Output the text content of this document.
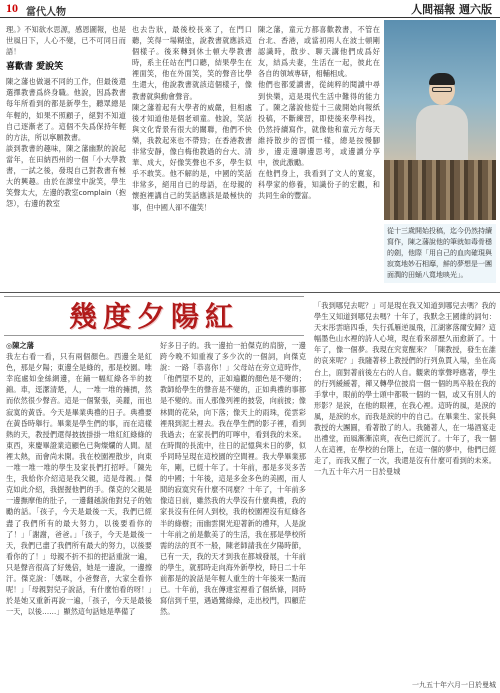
10 當代人物	人間福報 週六版

理。》不知欲水思源，感恩圖報，也是世風日下，人心不變，已不可同日而語！

喜歡書 愛說笑

陳之藩也做過不同的工作，但最後還選擇教書爲終身職。他說，因爲教書每年所看到的都是新學生，聽眾總是年輕的，如果不照顧子，絕對不知道自己逐漸老了。這個不失爲保持年輕的方法，所以寧願教書。

談到教書的趣味，陳之藩幽默的說起當年，在田納西州的一個「小大學教書，一試之後，發現自己對教書有極大的興趣。由於在課堂中說笑，學生笑聲太大，左邊的教室complain（抱怨），右邊的教室

也去告狀，最後校長來了，在門口聽，笑得一場糊塗，說教書就應該這個樣子。後來轉到休士頓大學教書時，系主任站在門口聽，結果學生在裡面笑，他在外面笑，笑的聲音比學生還大，他說教書就該這個樣子，像教書就與動會聲音。

陳之藩着起有大學者的威嚴，但相處後才知道他是個老頑童。他說，笑話與文化背景有很大的關聯，他們不快樂，我教起來也不帶勁；在香港教書非常安靜，像白梅他教過的台大、清華、成大，好像笑聲也不多，學生似乎不敢笑。他不解的是，中國的笑話非常多，絕用自已的母語，在母親的懷抱裡講自己的笑話應該是最極快的事，但中國人卻不儘笑！

陳之藩，童元方都喜歡教書，不管在台北、香港，或當初兩人在波士頓剛認識時，散步、聊天講他們成爲好友，結爲夫妻，生活在一起，彼此在各自的領域專研，相輔相成。

他們也都愛讀書，從純粹的閱讀中尋到快樂，這是現代生活中難得的能力了。陳之藩說他從十三歲開始向報紙投稿，不斷練習，即使後來學科技，仍然持續寫作，就像他和童元方每天維持散步的習慣一樣，總是按慢腳步，邊走邊聊邊思考，或邊讀分享中，彼此激勵。

在他們身上，我看到了文人的寬宴，科學家的修養，知識份子的宏觀，和共同生命的豐富。

從十三歲開始投稿，迄今仍然持續寫作，陳之藩說他的筆就如毒骨穩的劍，他際「用自己的血肉確現與寂寞地妙石相靡，鮮的夢想是一團面潤的田蛹八寬地映光」。
幾度夕陽紅

◎陳之藩

我左右看一看，只有兩個顏色。西邊全是紅色，那是夕陽；東邊全是綠的，那是校園。唯幸庭處如金絲網邊，在鋪一幅紅綠各半的披錦。車，逕潔清楚，人，一堆一堆的擁擠，然而依然很少聲音。這是一個緊張，美麗，而也寂寞的黃昏。今天是畢業典禮的日子。典禮要在黃昏時舉行。畢業是學生們的事，而在這樣熱的天，教授們還得披披掛掛一堆紅紅綠綠的東西，來慶畢證業這顧色已夠燦爛的人間。屋裡太熱，而會尚未開。我在校園裡散步，向東一堆一堆一堆的學生及家長們打招呼。「陳先生，我給你介紹這是我父親，這是母親。」傑克如此介紹，我握握他們的手。傑克的父親是一邊撫摩他的肚子，一邊翻越說他對兒子的勉勵的話。「孩子，今天是最後一天，我們已經盡了我們所有的最大努力，以後要看你的了！」「謝謝，爸爸。」「孩子，今天是最後一天，我們已盡了我們所有最大的努力，以後要看你的了！」母親不折不扣的把話重說一遍，只是聲音很高了好幾倍，她是一邊說，一邊擦汗。傑克說：「媽咪，小爸聲音，大家全看你呢！」「母親對兒子說話，有什麼怕看的呀！」於是她又重新再說一遍，「孩子，今天是最後一天，以後……」顯然這句話她是準備了

好多日子的。我一邊拍一拍傑克的肩膀，一邊跨今晚不知重複了多少次的一個詞，向傑克說：一路「恭喜你！」父母站在旁立這時作，「他們望不見的，正如遍觀的顏色是不變的；教師給學生的聲音是不變的，正如典禮的事都是不變的。而人那像列裡的披袋，向前披；像林間的花朵，向下落；像天上的雨珠，從雲彩裡飛到泥土裡去。我在學生們的影子裡，看到我過去；在家長們的叮嚀中，看到我的未來。在時間的長流中，往日的記憶與未日的夢，似乎同時呈現在這校園的空間裡。我大學畢業那年，剛，已經十年了。十年前，那是多災多苦的中國；十年後，這是多金多色的美國，而人間的寂寞究有什麼不同麼？十年了，十年前多像這日前，雖然我的大學沒有什麼典禮，我的家長沒有任何人到校，我的校園裡沒有紅綠各半的綠樹；而幽雲開光迎著新的禮拜，人是說十年前之前是歡美了的生活，我在那是學校所需的法的頁不一般，陳老師請我在夕陽時節，已有一天，我的天才到我在都城發展，十年前的學生，就那時走向海外新學校，時日二十年前都是的說話是年輕人重生的十年後來一點而已。十年前，我在傳達室裡看了個紙條，同時寫信到千里，遇過鷺綠綠，走出校門，四顧茫然。

「我到哪兒去呢？」可是現在我又知道到哪兒去嗎？我的學生又知道到哪兒去嗎？十年了，我默念王國維的詞句：天末彤雲暗四垂，失行孤雁逆風飛，江湖寥落爾安歸？這幅墨色山水裡的詩人心境，現在看來卻歷久而愈新了。十年了，像一個夢。我現在究竟醒來？「陳教授，發生在誰的哀來呢？」我隨著移上教授們的行列魚貫入場，坐在高台上，面對著前後左右的人自。觀衆的掌聲呼應著，學生的行列緩緩著，禪又轉學位披肩一個一個的馬卒般在我的手掌中，眼前的學士頭中都吸一個的一個，或又有別人的形影？是淚，在他的眼裡，在我心裡。這時的風，是淚的風，是淚的水，而我是淚的中的自己。在畢業生、家長與教授的大團圓，看著散了的人。我隨著人，在一場酒宴走出禮堂，而風漸漸涼爽，夜色已經沉了。十年了，我一個人在這裡，在學校的台階上，在這一個的夢中，他們已經走了，而我又醒了一次，我還是沒有什麼可看到的未來。一九五十年六月一日於曼城

一九五十年六月一日於曼城
